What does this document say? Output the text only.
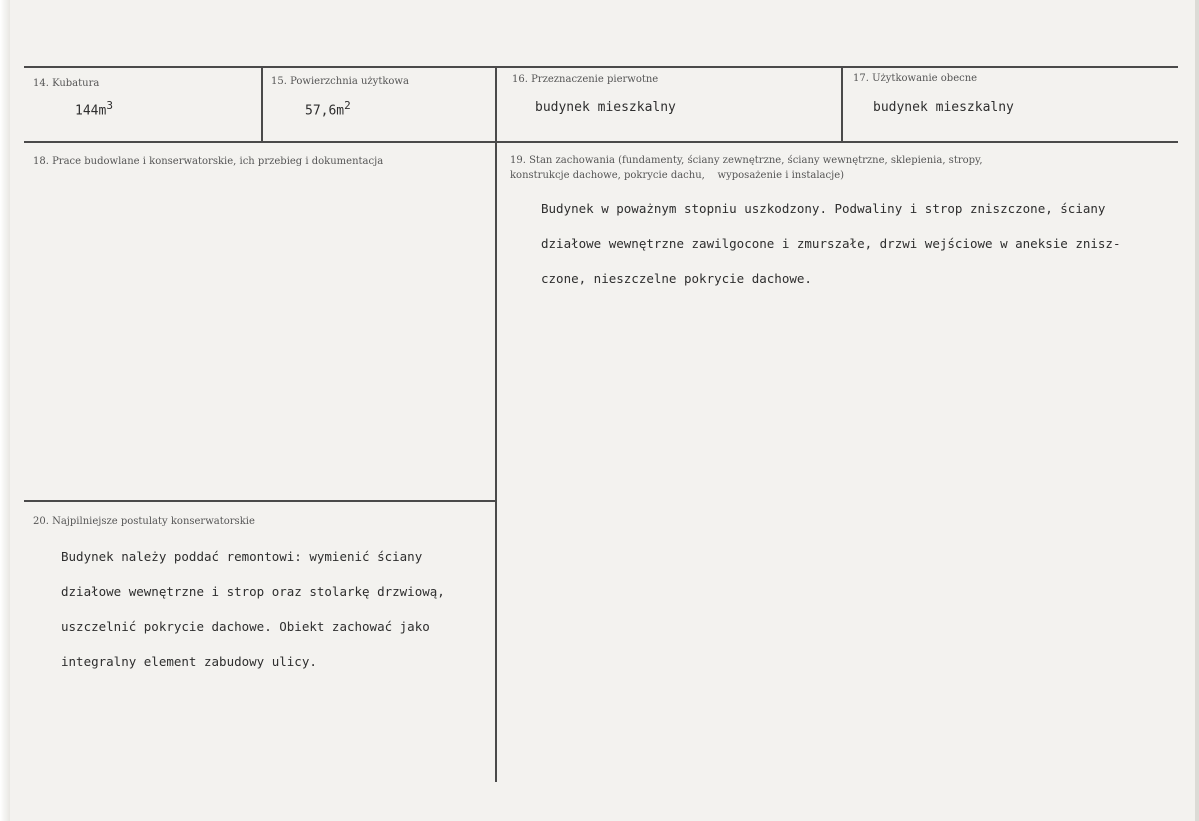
14. Kubatura
$144m^3$
15. Powierzchnia użytkowa
$57,6m^2$
16. Przeznaczenie pierwotne
budynek mieszkalny
17. Użytkowanie obecne
budynek mieszkalny
18. Prace budowlane i konserwatorskie, ich przebieg i dokumentacja	19. Stan zachowania (fundamenty, ściany zewnętrzne, ściany wewnętrzne, sklepienia, stropy,
konstrukcje dachowe, pokrycie dachu,    wyposażenie i instalacje)
Budynek w poważnym stopniu uszkodzony. Podwaliny i strop zniszczone, ściany
działowe wewnętrzne zawilgocone i zmurszałe, drzwi wejściowe w aneksie znisz-
czone, nieszczelne pokrycie dachowe.
20. Najpilniejsze postulaty konserwatorskie
Budynek należy poddać remontowi: wymienić ściany
działowe wewnętrzne i strop oraz stolarkę drzwiową,
uszczelnić pokrycie dachowe. Obiekt zachować jako
integralny element zabudowy ulicy.
